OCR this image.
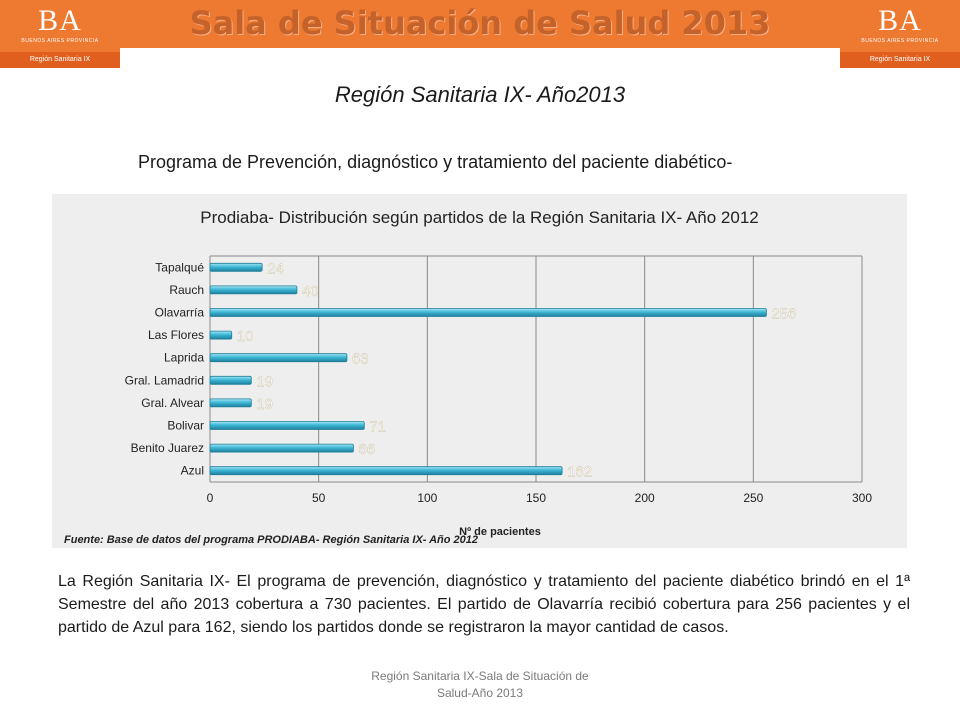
BA
BUENOS AIRES PROVINCIA
Región Sanitaria IX
Sala de Situación de Salud 2013	BA
BUENOS AIRES PROVINCIA
Región Sanitaria IX
Región Sanitaria IX- Año2013
Programa de Prevención, diagnóstico y tratamiento del paciente diabético-
0	50	100	150	200	250	300
Tapalqué	24
Rauch	40
Olavarría	256
Las Flores 10
Laprida	63
Gral. Lamadrid	19
Gral. Alvear	19
Bolivar	71
Benito Juarez	66
Azul	162
Nº de pacientes
Prodiaba- Distribución según partidos de la Región Sanitaria IX- Año 2012
Fuente: Base de datos del programa PRODIABA- Región Sanitaria IX- Año 2012
La Región Sanitaria IX- El programa de prevención, diagnóstico y tratamiento del paciente diabético brindó en el 1ª Semestre del año 2013 cobertura a 730 pacientes. El partido de Olavarría recibió cobertura para 256 pacientes y el partido de Azul para 162, siendo los partidos donde se registraron la mayor cantidad de casos.
Región Sanitaria IX-Sala de Situación de
Salud-Año 2013
